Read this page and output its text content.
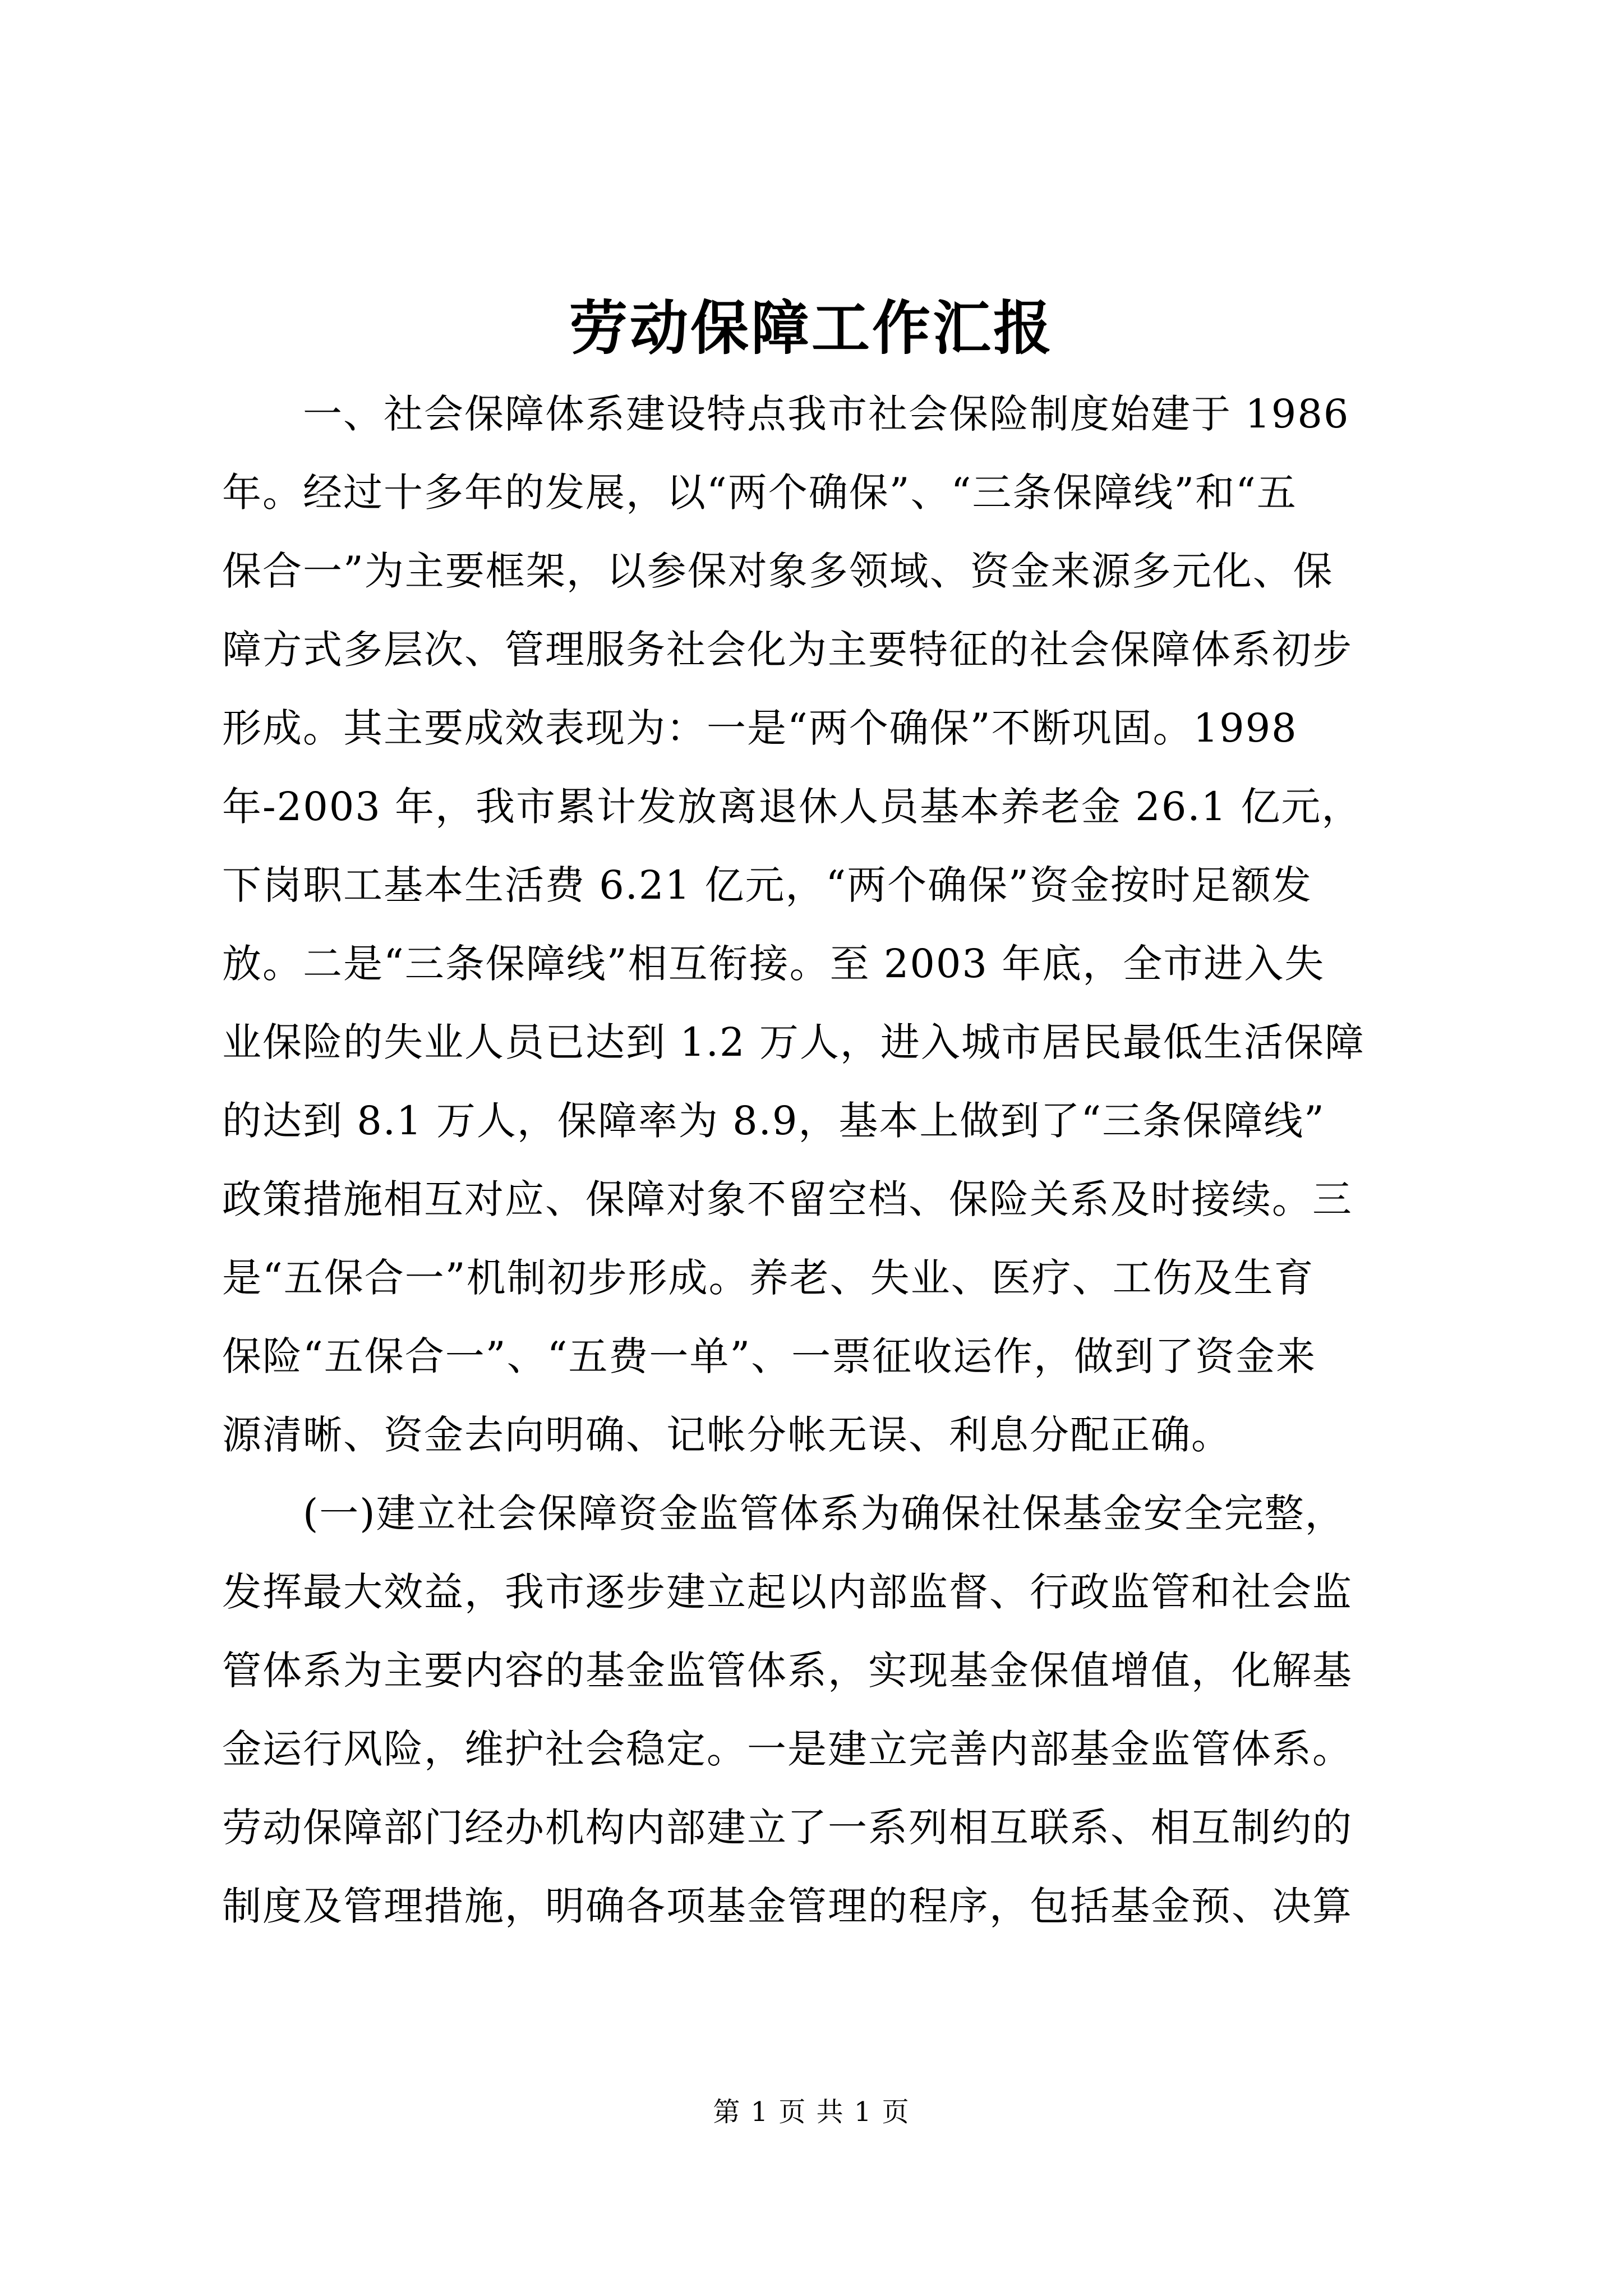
劳动保障工作汇报
　　一、社会保障体系建设特点我市社会保险制度始建于 1986
年。经过十多年的发展，以“两个确保”、“三条保障线”和“五
保合一”为主要框架，以参保对象多领域、资金来源多元化、保
障方式多层次、管理服务社会化为主要特征的社会保障体系初步
形成。其主要成效表现为：一是“两个确保”不断巩固。1998
年-2003 年，我市累计发放离退休人员基本养老金 26.1 亿元，
下岗职工基本生活费 6.21 亿元，“两个确保”资金按时足额发
放。二是“三条保障线”相互衔接。至 2003 年底，全市进入失
业保险的失业人员已达到 1.2 万人，进入城市居民最低生活保障
的达到 8.1 万人，保障率为 8.9，基本上做到了“三条保障线”
政策措施相互对应、保障对象不留空档、保险关系及时接续。三
是“五保合一”机制初步形成。养老、失业、医疗、工伤及生育
保险“五保合一”、“五费一单”、一票征收运作，做到了资金来
源清晰、资金去向明确、记帐分帐无误、利息分配正确。
　　(一)建立社会保障资金监管体系为确保社保基金安全完整，
发挥最大效益，我市逐步建立起以内部监督、行政监管和社会监
管体系为主要内容的基金监管体系，实现基金保值增值，化解基
金运行风险，维护社会稳定。一是建立完善内部基金监管体系。
劳动保障部门经办机构内部建立了一系列相互联系、相互制约的
制度及管理措施，明确各项基金管理的程序，包括基金预、决算
第 1 页 共 1 页
